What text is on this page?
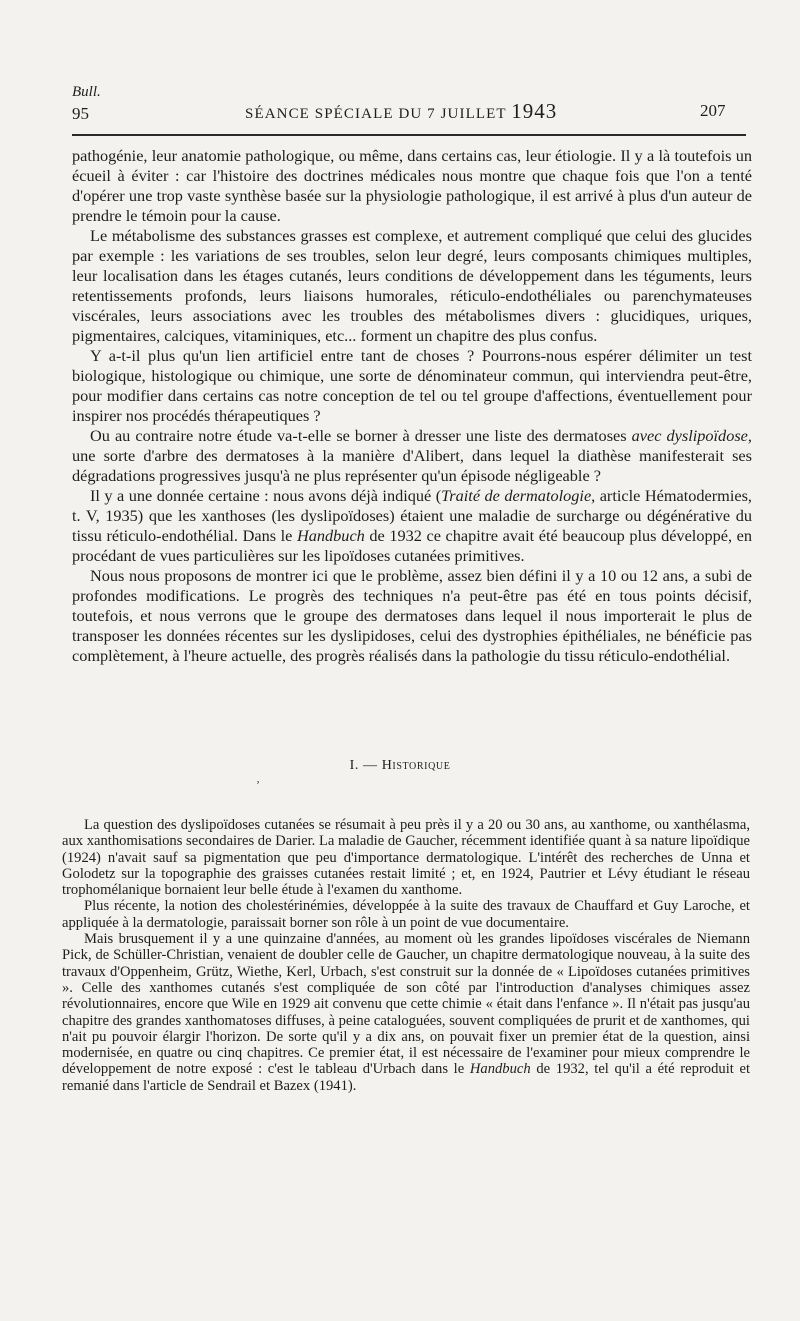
Bull.
95	SÉANCE SPÉCIALE DU 7 JUILLET 1943	207

pathogénie, leur anatomie pathologique, ou même, dans certains cas, leur étiologie. Il y a là toutefois un écueil à éviter : car l'histoire des doctrines médicales nous montre que chaque fois que l'on a tenté d'opérer une trop vaste synthèse basée sur la physiologie pathologique, il est arrivé à plus d'un auteur de prendre le témoin pour la cause.

Le métabolisme des substances grasses est complexe, et autrement compliqué que celui des glucides par exemple : les variations de ses troubles, selon leur degré, leurs composants chimiques multiples, leur localisation dans les étages cutanés, leurs conditions de développement dans les téguments, leurs retentissements profonds, leurs liaisons humorales, réticulo-endothéliales ou parenchymateuses viscérales, leurs associations avec les troubles des métabolismes divers : glucidiques, uriques, pigmentaires, calciques, vitaminiques, etc... forment un chapitre des plus confus.

Y a-t-il plus qu'un lien artificiel entre tant de choses ? Pourrons-nous espérer délimiter un test biologique, histologique ou chimique, une sorte de dénominateur commun, qui interviendra peut-être, pour modifier dans certains cas notre conception de tel ou tel groupe d'affections, éventuellement pour inspirer nos procédés thérapeutiques ?

Ou au contraire notre étude va-t-elle se borner à dresser une liste des dermatoses avec dyslipoïdose, une sorte d'arbre des dermatoses à la manière d'Alibert, dans lequel la diathèse manifesterait ses dégradations progressives jusqu'à ne plus représenter qu'un épisode négligeable ?

Il y a une donnée certaine : nous avons déjà indiqué (Traité de dermatologie, article Hématodermies, t. V, 1935) que les xanthoses (les dyslipoïdoses) étaient une maladie de surcharge ou dégénérative du tissu réticulo-endothélial. Dans le Handbuch de 1932 ce chapitre avait été beaucoup plus développé, en procédant de vues particulières sur les lipoïdoses cutanées primitives.

Nous nous proposons de montrer ici que le problème, assez bien défini il y a 10 ou 12 ans, a subi de profondes modifications. Le progrès des techniques n'a peut-être pas été en tous points décisif, toutefois, et nous verrons que le groupe des dermatoses dans lequel il nous importerait le plus de transposer les données récentes sur les dyslipidoses, celui des dystrophies épithéliales, ne bénéficie pas complètement, à l'heure actuelle, des progrès réalisés dans la pathologie du tissu réticulo-endothélial.

I. — Historique
ʼ

La question des dyslipoïdoses cutanées se résumait à peu près il y a 20 ou 30 ans, au xanthome, ou xanthélasma, aux xanthomisations secondaires de Darier. La maladie de Gaucher, récemment identifiée quant à sa nature lipoïdique (1924) n'avait sauf sa pigmentation que peu d'importance dermatologique. L'intérêt des recherches de Unna et Golodetz sur la topographie des graisses cutanées restait limité ; et, en 1924, Pautrier et Lévy étudiant le réseau trophomélanique bornaient leur belle étude à l'examen du xanthome.

Plus récente, la notion des cholestérinémies, développée à la suite des travaux de Chauffard et Guy Laroche, et appliquée à la dermatologie, paraissait borner son rôle à un point de vue documentaire.

Mais brusquement il y a une quinzaine d'années, au moment où les grandes lipoïdoses viscérales de Niemann Pick, de Schüller-Christian, venaient de doubler celle de Gaucher, un chapitre dermatologique nouveau, à la suite des travaux d'Oppenheim, Grütz, Wiethe, Kerl, Urbach, s'est construit sur la donnée de « Lipoïdoses cutanées primitives ». Celle des xanthomes cutanés s'est compliquée de son côté par l'introduction d'analyses chimiques assez révolutionnaires, encore que Wile en 1929 ait convenu que cette chimie « était dans l'enfance ». Il n'était pas jusqu'au chapitre des grandes xanthomatoses diffuses, à peine cataloguées, souvent compliquées de prurit et de xanthomes, qui n'ait pu pouvoir élargir l'horizon. De sorte qu'il y a dix ans, on pouvait fixer un premier état de la question, ainsi modernisée, en quatre ou cinq chapitres. Ce premier état, il est nécessaire de l'examiner pour mieux comprendre le développement de notre exposé : c'est le tableau d'Urbach dans le Handbuch de 1932, tel qu'il a été reproduit et remanié dans l'article de Sendrail et Bazex (1941).
